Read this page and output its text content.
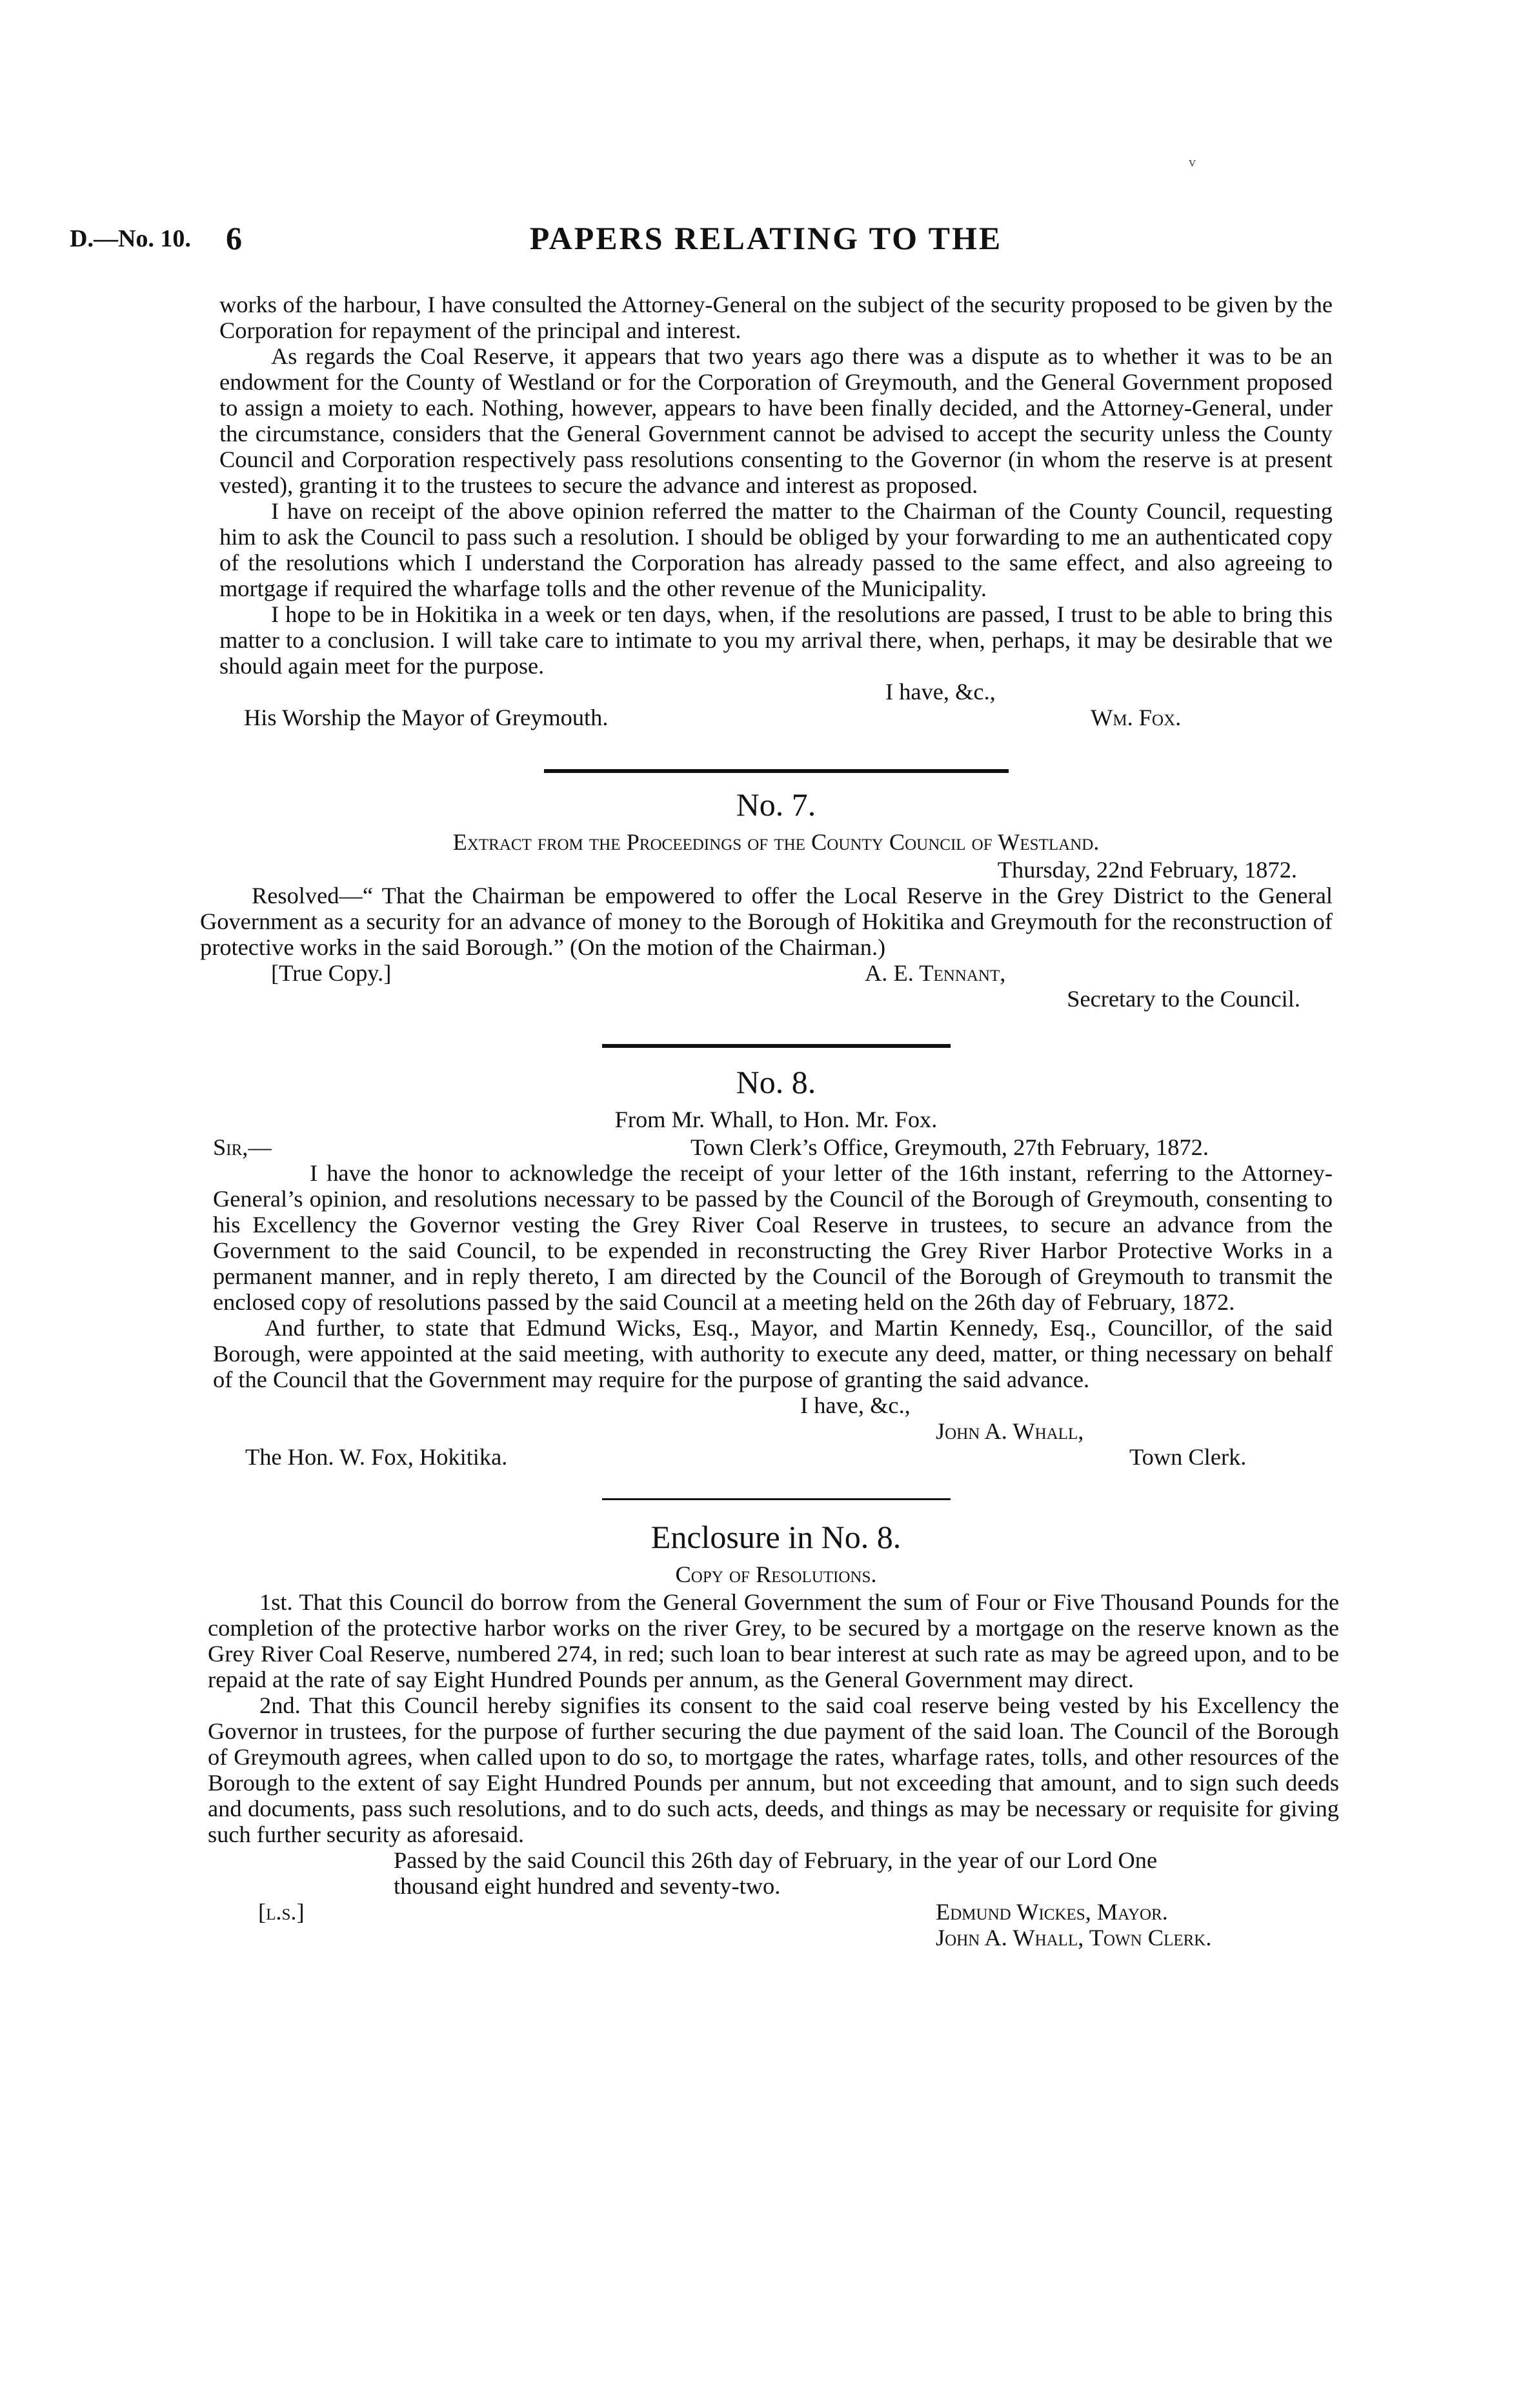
v
D.—No. 10. 6	PAPERS RELATING TO THE

works of the harbour, I have consulted the Attorney-General on the subject of the security proposed to be given by the Corporation for repayment of the principal and interest.

As regards the Coal Reserve, it appears that two years ago there was a dispute as to whether it was to be an endowment for the County of Westland or for the Corporation of Greymouth, and the General Government proposed to assign a moiety to each. Nothing, however, appears to have been finally decided, and the Attorney-General, under the circumstance, considers that the General Government cannot be advised to accept the security unless the County Council and Corporation respectively pass resolutions consenting to the Governor (in whom the reserve is at present vested), granting it to the trustees to secure the advance and interest as proposed.

I have on receipt of the above opinion referred the matter to the Chairman of the County Council, requesting him to ask the Council to pass such a resolution. I should be obliged by your forwarding to me an authenticated copy of the resolutions which I understand the Corporation has already passed to the same effect, and also agreeing to mortgage if required the wharfage tolls and the other revenue of the Municipality.

I hope to be in Hokitika in a week or ten days, when, if the resolutions are passed, I trust to be able to bring this matter to a conclusion. I will take care to intimate to you my arrival there, when, perhaps, it may be desirable that we should again meet for the purpose.

I have, &c.,
His Worship the Mayor of Greymouth.	Wm. Fox.
No. 7.
Extract from the Proceedings of the County Council of Westland.
Thursday, 22nd February, 1872.

Resolved—“ That the Chairman be empowered to offer the Local Reserve in the Grey District to the General Government as a security for an advance of money to the Borough of Hokitika and Greymouth for the reconstruction of protective works in the said Borough.” (On the motion of the Chairman.)

[True Copy.]	A. E. Tennant,
Secretary to the Council.
No. 8.
From Mr. Whall, to Hon. Mr. Fox.
Sir,—	Town Clerk’s Office, Greymouth, 27th February, 1872.

I have the honor to acknowledge the receipt of your letter of the 16th instant, referring to the Attorney-General’s opinion, and resolutions necessary to be passed by the Council of the Borough of Greymouth, consenting to his Excellency the Governor vesting the Grey River Coal Reserve in trustees, to secure an advance from the Government to the said Council, to be expended in reconstructing the Grey River Harbor Protective Works in a permanent manner, and in reply thereto, I am directed by the Council of the Borough of Greymouth to transmit the enclosed copy of resolutions passed by the said Council at a meeting held on the 26th day of February, 1872.

And further, to state that Edmund Wicks, Esq., Mayor, and Martin Kennedy, Esq., Councillor, of the said Borough, were appointed at the said meeting, with authority to execute any deed, matter, or thing necessary on behalf of the Council that the Government may require for the purpose of granting the said advance.

I have, &c.,
John A. Whall,
The Hon. W. Fox, Hokitika.	Town Clerk.
Enclosure in No. 8.
Copy of Resolutions.

1st. That this Council do borrow from the General Government the sum of Four or Five Thousand Pounds for the completion of the protective harbor works on the river Grey, to be secured by a mortgage on the reserve known as the Grey River Coal Reserve, numbered 274, in red; such loan to bear interest at such rate as may be agreed upon, and to be repaid at the rate of say Eight Hundred Pounds per annum, as the General Government may direct.

2nd. That this Council hereby signifies its consent to the said coal reserve being vested by his Excellency the Governor in trustees, for the purpose of further securing the due payment of the said loan. The Council of the Borough of Greymouth agrees, when called upon to do so, to mortgage the rates, wharfage rates, tolls, and other resources of the Borough to the extent of say Eight Hundred Pounds per annum, but not exceeding that amount, and to sign such deeds and documents, pass such resolutions, and to do such acts, deeds, and things as may be necessary or requisite for giving such further security as aforesaid.

Passed by the said Council this 26th day of February, in the year of our Lord One thousand eight hundred and seventy-two.

[l.s.]	Edmund Wickes, Mayor.
John A. Whall, Town Clerk.
